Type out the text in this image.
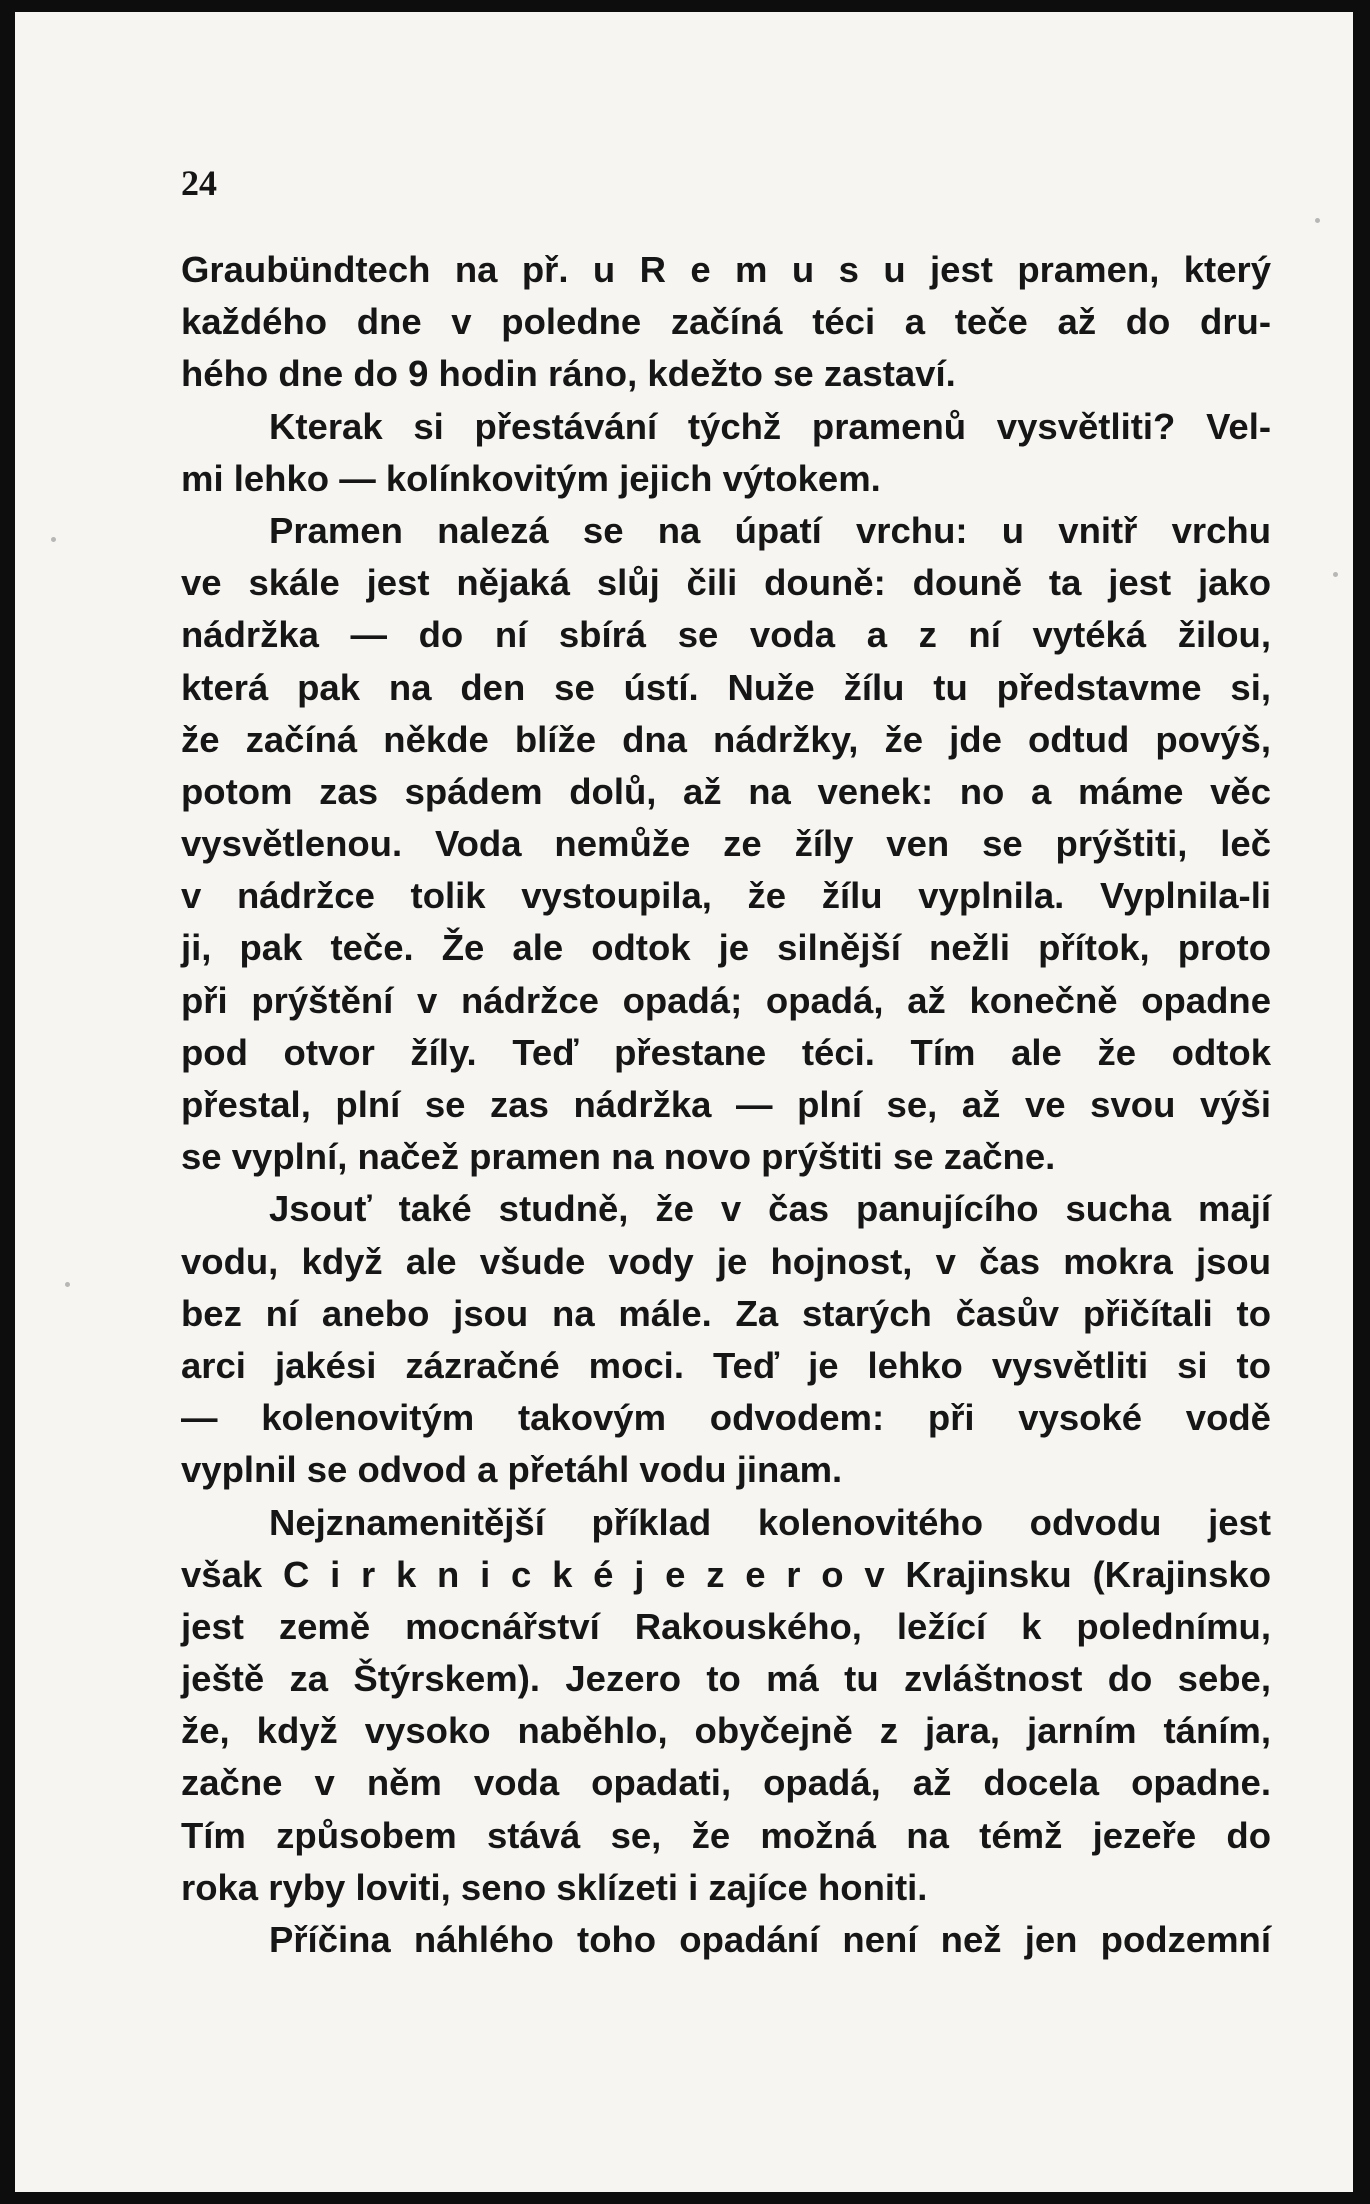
24
Graubündtech na př. u R e m u s u jest pramen, který
každého dne v poledne začíná téci a teče až do dru-
hého dne do 9 hodin ráno, kdežto se zastaví.
Kterak si přestávání týchž pramenů vysvětliti? Vel-
mi lehko — kolínkovitým jejich výtokem.
Pramen nalezá se na úpatí vrchu: u vnitř vrchu
ve skále jest nějaká slůj čili douně: douně ta jest jako
nádržka — do ní sbírá se voda a z ní vytéká žilou,
která pak na den se ústí. Nuže žílu tu představme si,
že začíná někde blíže dna nádržky, že jde odtud povýš,
potom zas spádem dolů, až na venek: no a máme věc
vysvětlenou. Voda nemůže ze žíly ven se prýštiti, leč
v nádržce tolik vystoupila, že žílu vyplnila. Vyplnila-li
ji, pak teče. Že ale odtok je silnější nežli přítok, proto
při prýštění v nádržce opadá; opadá, až konečně opadne
pod otvor žíly. Teď přestane téci. Tím ale že odtok
přestal, plní se zas nádržka — plní se, až ve svou výši
se vyplní, načež pramen na novo prýštiti se začne.
Jsouť také studně, že v čas panujícího sucha mají
vodu, když ale všude vody je hojnost, v čas mokra jsou
bez ní anebo jsou na mále. Za starých časův přičítali to
arci jakési zázračné moci. Teď je lehko vysvětliti si to
— kolenovitým takovým odvodem: při vysoké vodě
vyplnil se odvod a přetáhl vodu jinam.
Nejznamenitější příklad kolenovitého odvodu jest
však C i r k n i c k é j e z e r o v Krajinsku (Krajinsko
jest země mocnářství Rakouského, ležící k polednímu,
ještě za Štýrskem). Jezero to má tu zvláštnost do sebe,
že, když vysoko naběhlo, obyčejně z jara, jarním táním,
začne v něm voda opadati, opadá, až docela opadne.
Tím způsobem stává se, že možná na témž jezeře do
roka ryby loviti, seno sklízeti i zajíce honiti.
Příčina náhlého toho opadání není než jen podzemní
